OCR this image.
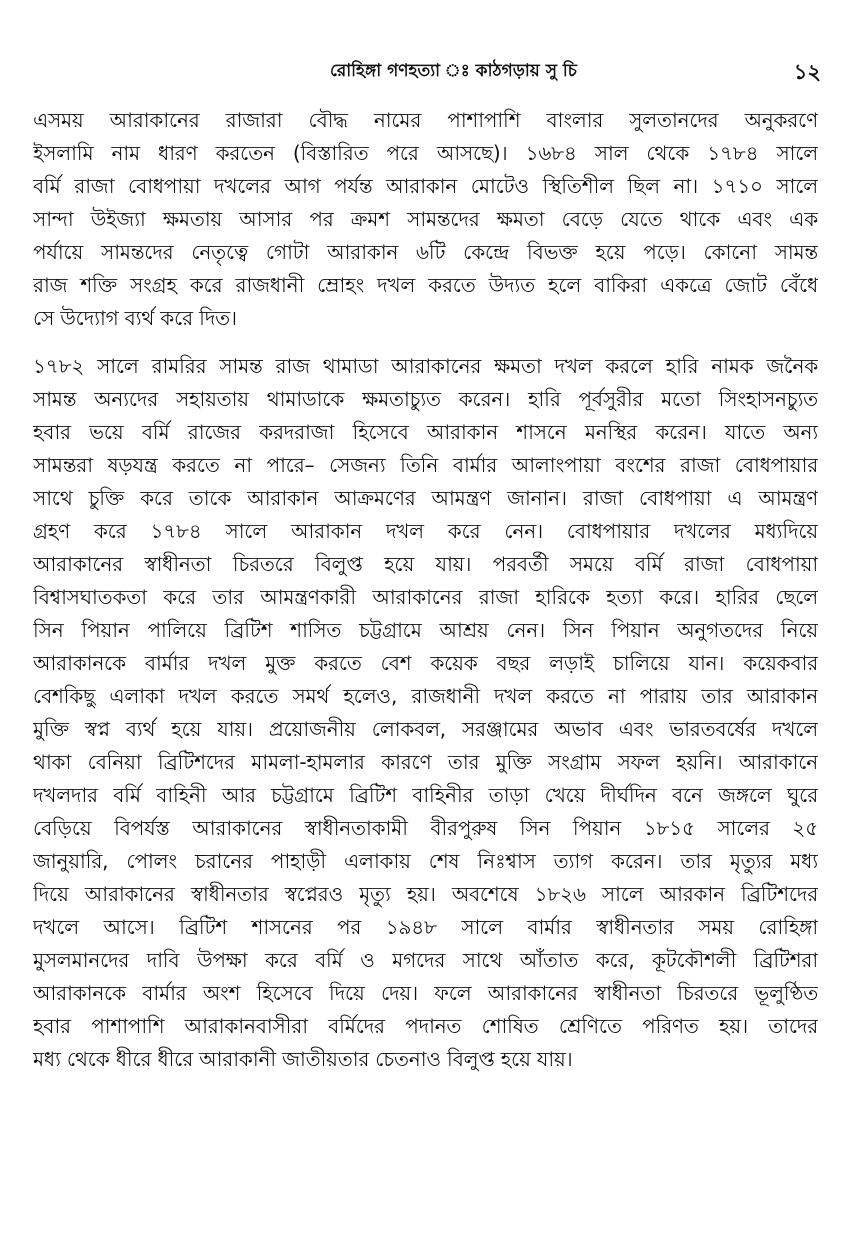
রোহিঙ্গা গণহত্যা ঃ কাঠগড়ায় সু চি	১২
এসময় আরাকানের রাজারা বৌদ্ধ নামের পাশাপাশি বাংলার সুলতানদের অনুকরণে
ইসলামি নাম ধারণ করতেন (বিস্তারিত পরে আসছে)। ১৬৮৪ সাল থেকে ১৭৮৪ সালে
বর্মি রাজা বোধপায়া দখলের আগ পর্যন্ত আরাকান মোটেও স্থিতিশীল ছিল না। ১৭১০ সালে
সান্দা উইজ্যা ক্ষমতায় আসার পর ক্রমশ সামন্তদের ক্ষমতা বেড়ে যেতে থাকে এবং এক
পর্যায়ে সামন্তদের নেতৃত্বে গোটা আরাকান ৬টি কেন্দ্রে বিভক্ত হয়ে পড়ে। কোনো সামন্ত
রাজ শক্তি সংগ্রহ করে রাজধানী ম্রোহং দখল করতে উদ্যত হলে বাকিরা একত্রে জোট বেঁধে
সে উদ্যোগ ব্যর্থ করে দিত।
১৭৮২ সালে রামরির সামন্ত রাজ থামাডা আরাকানের ক্ষমতা দখল করলে হারি নামক জনৈক
সামন্ত অন্যদের সহায়তায় থামাডাকে ক্ষমতাচ্যুত করেন। হারি পূর্বসুরীর মতো সিংহাসনচ্যুত
হবার ভয়ে বর্মি রাজের করদরাজা হিসেবে আরাকান শাসনে মনস্থির করেন। যাতে অন্য
সামন্তরা ষড়যন্ত্র করতে না পারে– সেজন্য তিনি বার্মার আলাংপায়া বংশের রাজা বোধপায়ার
সাথে চুক্তি করে তাকে আরাকান আক্রমণের আমন্ত্রণ জানান। রাজা বোধপায়া এ আমন্ত্রণ
গ্রহণ করে ১৭৮৪ সালে আরাকান দখল করে নেন। বোধপায়ার দখলের মধ্যদিয়ে
আরাকানের স্বাধীনতা চিরতরে বিলুপ্ত হয়ে যায়। পরবর্তী সময়ে বর্মি রাজা বোধপায়া
বিশ্বাসঘাতকতা করে তার আমন্ত্রণকারী আরাকানের রাজা হারিকে হত্যা করে। হারির ছেলে
সিন পিয়ান পালিয়ে ব্রিটিশ শাসিত চট্টগ্রামে আশ্রয় নেন। সিন পিয়ান অনুগতদের নিয়ে
আরাকানকে বার্মার দখল মুক্ত করতে বেশ কয়েক বছর লড়াই চালিয়ে যান। কয়েকবার
বেশকিছু এলাকা দখল করতে সমর্থ হলেও, রাজধানী দখল করতে না পারায় তার আরাকান
মুক্তি স্বপ্ন ব্যর্থ হয়ে যায়। প্রয়োজনীয় লোকবল, সরঞ্জামের অভাব এবং ভারতবর্ষের দখলে
থাকা বেনিয়া ব্রিটিশদের মামলা-হামলার কারণে তার মুক্তি সংগ্রাম সফল হয়নি। আরাকানে
দখলদার বর্মি বাহিনী আর চট্টগ্রামে ব্রিটিশ বাহিনীর তাড়া খেয়ে দীর্ঘদিন বনে জঙ্গলে ঘুরে
বেড়িয়ে বিপর্যস্ত আরাকানের স্বাধীনতাকামী বীরপুরুষ সিন পিয়ান ১৮১৫ সালের ২৫
জানুয়ারি, পোলং চরানের পাহাড়ী এলাকায় শেষ নিঃশ্বাস ত্যাগ করেন। তার মৃত্যুর মধ্য
দিয়ে আরাকানের স্বাধীনতার স্বপ্নেরও মৃত্যু হয়। অবশেষে ১৮২৬ সালে আরকান ব্রিটিশদের
দখলে আসে। ব্রিটিশ শাসনের পর ১৯৪৮ সালে বার্মার স্বাধীনতার সময় রোহিঙ্গা
মুসলমানদের দাবি উপক্ষা করে বর্মি ও মগদের সাথে আঁতাত করে, কূটকৌশলী ব্রিটিশরা
আরাকানকে বার্মার অংশ হিসেবে দিয়ে দেয়। ফলে আরাকানের স্বাধীনতা চিরতরে ভূলুণ্ঠিত
হবার পাশাপাশি আরাকানবাসীরা বর্মিদের পদানত শোষিত শ্রেণিতে পরিণত হয়। তাদের
মধ্য থেকে ধীরে ধীরে আরাকানী জাতীয়তার চেতনাও বিলুপ্ত হয়ে যায়।
